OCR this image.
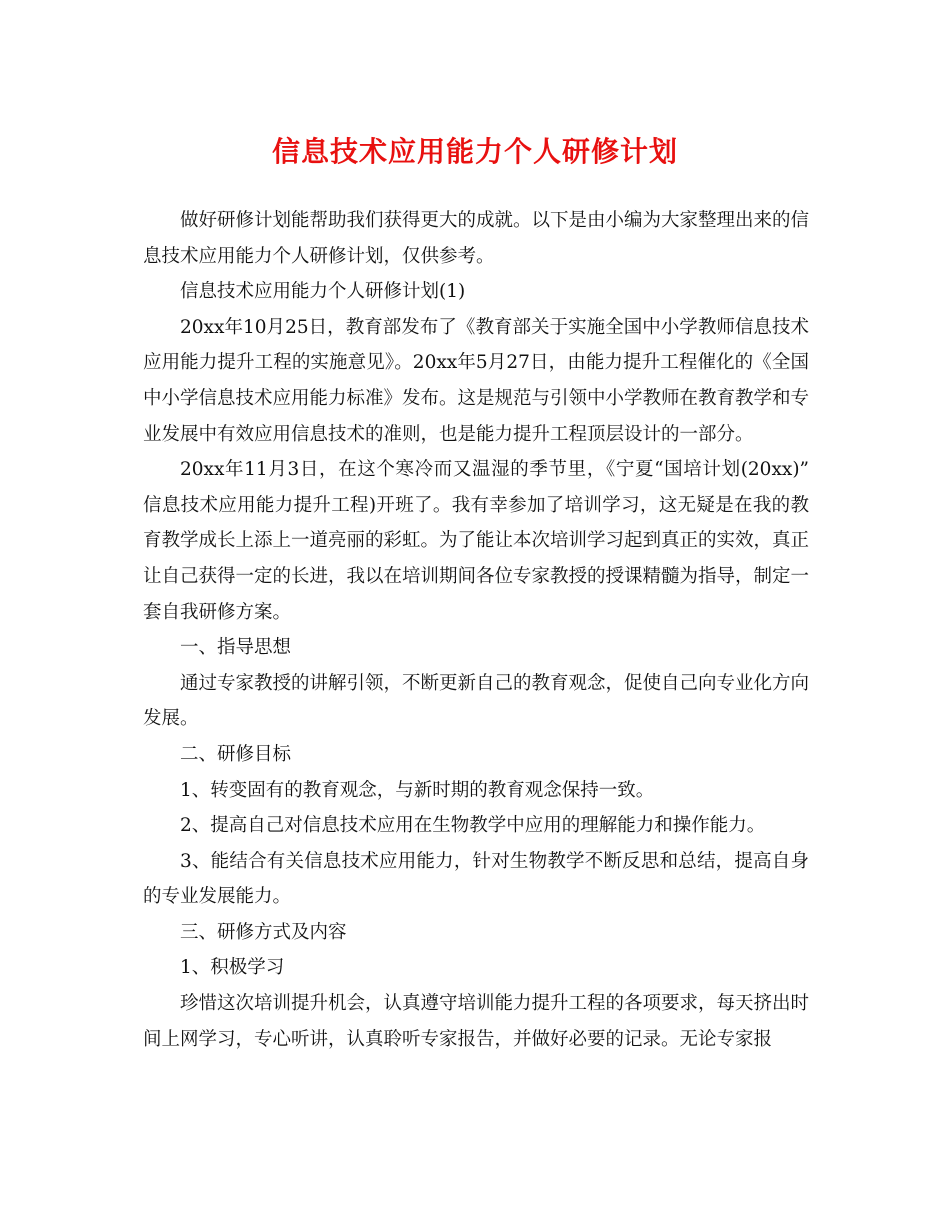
信息技术应用能力个人研修计划

做好研修计划能帮助我们获得更大的成就。以下是由小编为大家整理出来的信息技术应用能力个人研修计划，仅供参考。

信息技术应用能力个人研修计划(1)

20xx年10月25日，教育部发布了《教育部关于实施全国中小学教师信息技术应用能力提升工程的实施意见》。20xx年5月27日，由能力提升工程催化的《全国中小学信息技术应用能力标准》发布。这是规范与引领中小学教师在教育教学和专业发展中有效应用信息技术的准则，也是能力提升工程顶层设计的一部分。

20xx年11月3日，在这个寒冷而又温湿的季节里，《宁夏“国培计划(20xx)”信息技术应用能力提升工程)开班了。我有幸参加了培训学习，这无疑是在我的教育教学成长上添上一道亮丽的彩虹。为了能让本次培训学习起到真正的实效，真正让自己获得一定的长进，我以在培训期间各位专家教授的授课精髓为指导，制定一套自我研修方案。

一、指导思想

通过专家教授的讲解引领，不断更新自己的教育观念，促使自己向专业化方向发展。

二、研修目标

1、转变固有的教育观念，与新时期的教育观念保持一致。

2、提高自己对信息技术应用在生物教学中应用的理解能力和操作能力。

3、能结合有关信息技术应用能力，针对生物教学不断反思和总结，提高自身的专业发展能力。

三、研修方式及内容

1、积极学习

珍惜这次培训提升机会，认真遵守培训能力提升工程的各项要求，每天挤出时间上网学习，专心听讲，认真聆听专家报告，并做好必要的记录。无论专家报
